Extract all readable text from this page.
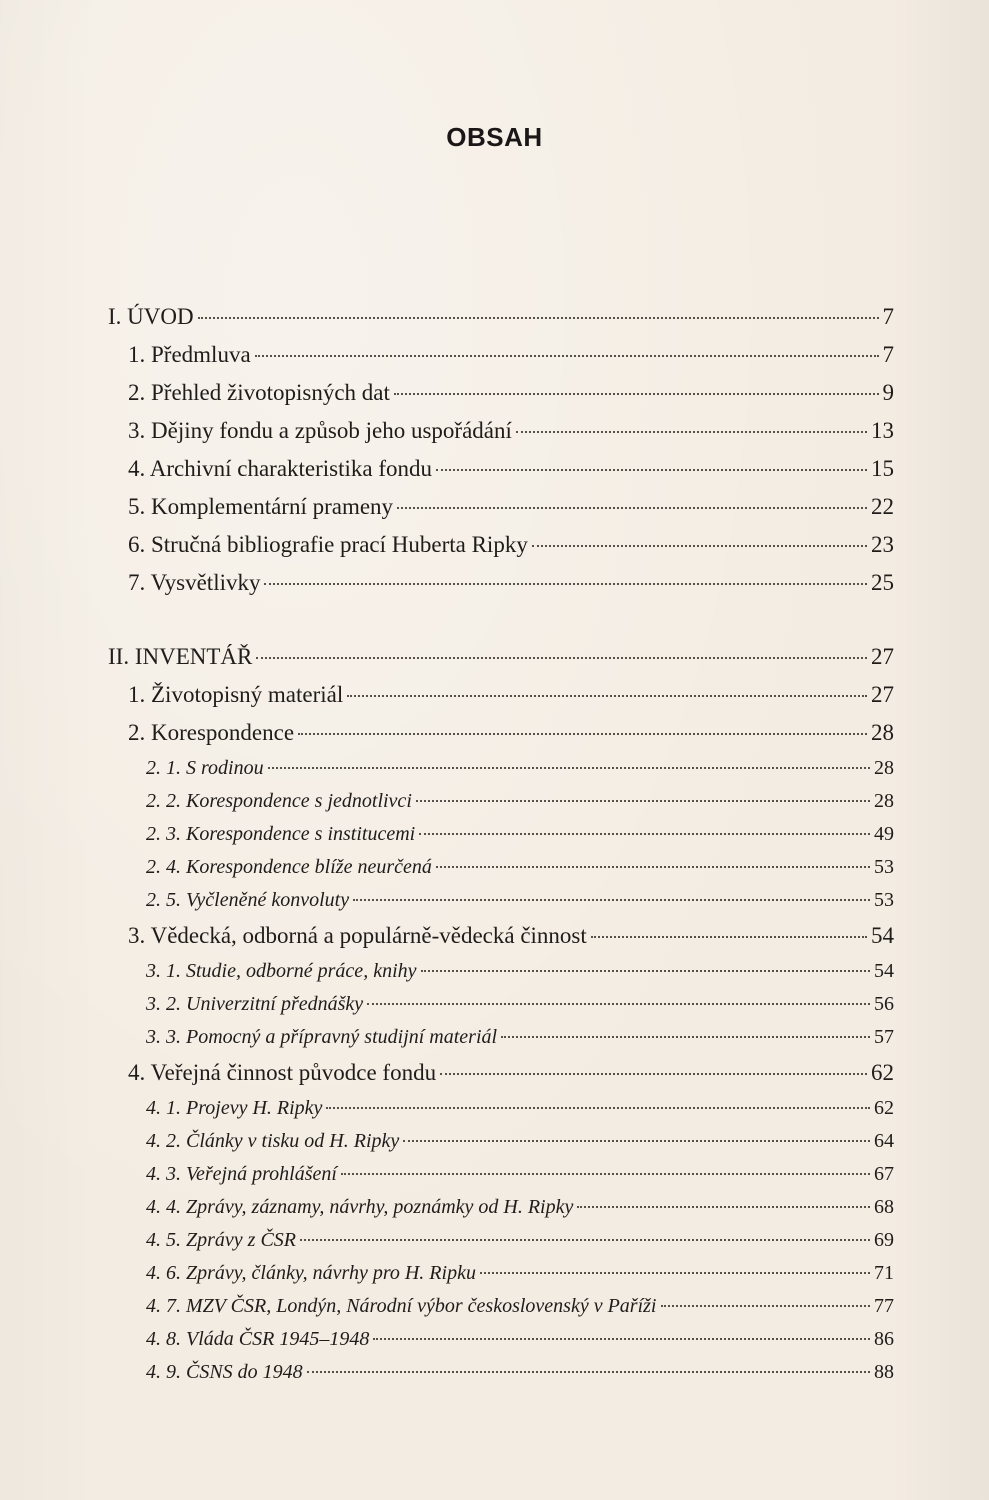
OBSAH
I. ÚVOD	7
1. Předmluva	7
2. Přehled životopisných dat	9
3. Dějiny fondu a způsob jeho uspořádání	13
4. Archivní charakteristika fondu	15
5. Komplementární prameny	22
6. Stručná bibliografie prací Huberta Ripky	23
7. Vysvětlivky	25
II. INVENTÁŘ	27
1. Životopisný materiál	27
2. Korespondence	28
2. 1. S rodinou	28
2. 2. Korespondence s jednotlivci	28
2. 3. Korespondence s institucemi	49
2. 4. Korespondence blíže neurčená	53
2. 5. Vyčleněné konvoluty	53
3. Vědecká, odborná a populárně-vědecká činnost	54
3. 1. Studie, odborné práce, knihy	54
3. 2. Univerzitní přednášky	56
3. 3. Pomocný a přípravný studijní materiál	57
4. Veřejná činnost původce fondu	62
4. 1. Projevy H. Ripky	62
4. 2. Články v tisku od H. Ripky	64
4. 3. Veřejná prohlášení	67
4. 4. Zprávy, záznamy, návrhy, poznámky od H. Ripky	68
4. 5. Zprávy z ČSR	69
4. 6. Zprávy, články, návrhy pro H. Ripku	71
4. 7. MZV ČSR, Londýn, Národní výbor československý v Paříži	77
4. 8. Vláda ČSR 1945–1948	86
4. 9. ČSNS do 1948	88
